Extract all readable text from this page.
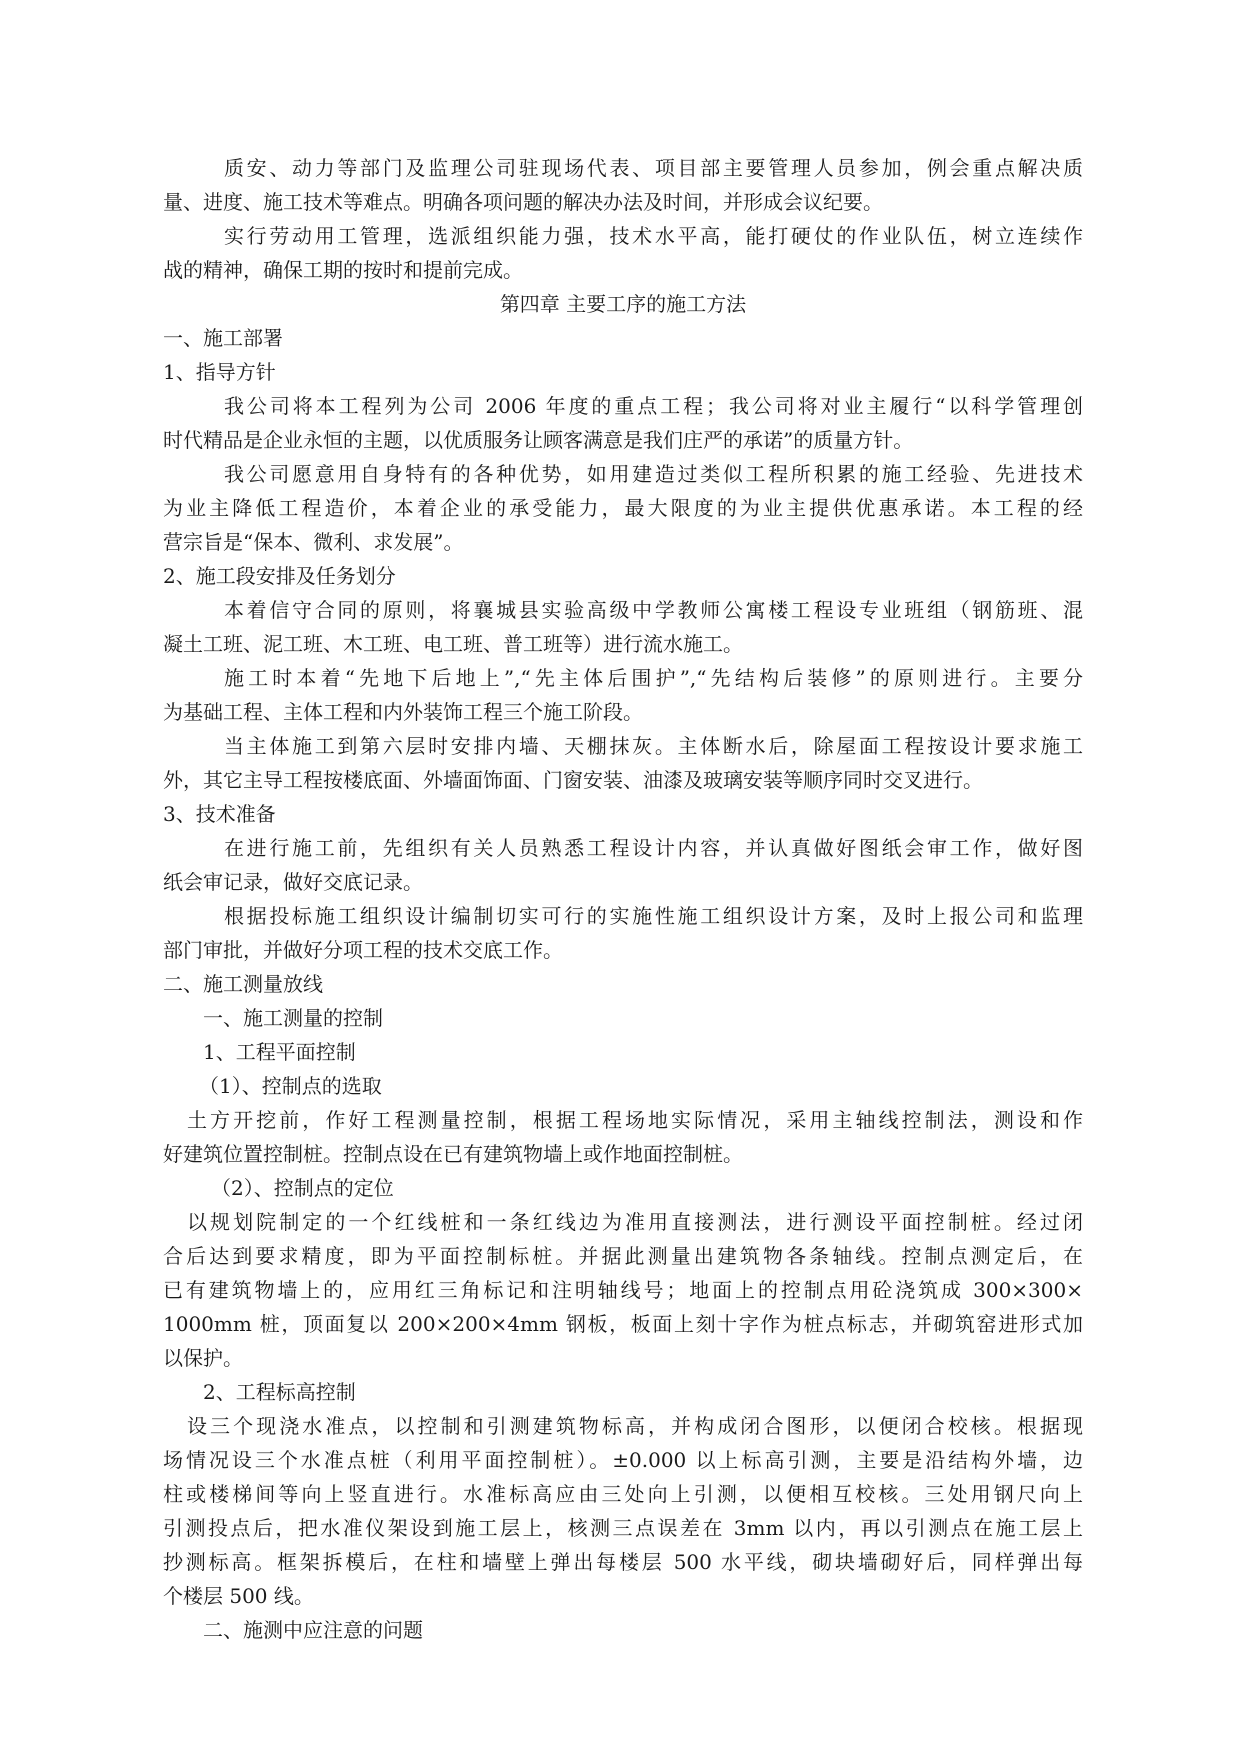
质安、动力等部门及监理公司驻现场代表、项目部主要管理人员参加，例会重点解决质
量、进度、施工技术等难点。明确各项问题的解决办法及时间，并形成会议纪要。
实行劳动用工管理，选派组织能力强，技术水平高，能打硬仗的作业队伍，树立连续作
战的精神，确保工期的按时和提前完成。
第四章 主要工序的施工方法
一、施工部署
1、指导方针
我公司将本工程列为公司 2006 年度的重点工程；我公司将对业主履行“以科学管理创
时代精品是企业永恒的主题，以优质服务让顾客满意是我们庄严的承诺”的质量方针。
我公司愿意用自身特有的各种优势，如用建造过类似工程所积累的施工经验、先进技术
为业主降低工程造价，本着企业的承受能力，最大限度的为业主提供优惠承诺。本工程的经
营宗旨是“保本、微利、求发展”。
2、施工段安排及任务划分
本着信守合同的原则，将襄城县实验高级中学教师公寓楼工程设专业班组（钢筋班、混
凝土工班、泥工班、木工班、电工班、普工班等）进行流水施工。
施工时本着“先地下后地上”,“先主体后围护”,“先结构后装修”的原则进行。主要分
为基础工程、主体工程和内外装饰工程三个施工阶段。
当主体施工到第六层时安排内墙、天棚抹灰。主体断水后，除屋面工程按设计要求施工
外，其它主导工程按楼底面、外墙面饰面、门窗安装、油漆及玻璃安装等顺序同时交叉进行。
3、技术准备
在进行施工前，先组织有关人员熟悉工程设计内容，并认真做好图纸会审工作，做好图
纸会审记录，做好交底记录。
根据投标施工组织设计编制切实可行的实施性施工组织设计方案，及时上报公司和监理
部门审批，并做好分项工程的技术交底工作。
二、施工测量放线
一、施工测量的控制
1、工程平面控制
（1）、控制点的选取
土方开挖前，作好工程测量控制，根据工程场地实际情况，采用主轴线控制法，测设和作
好建筑位置控制桩。控制点设在已有建筑物墙上或作地面控制桩。
（2）、控制点的定位
以规划院制定的一个红线桩和一条红线边为准用直接测法，进行测设平面控制桩。经过闭
合后达到要求精度，即为平面控制标桩。并据此测量出建筑物各条轴线。控制点测定后，在
已有建筑物墙上的，应用红三角标记和注明轴线号；地面上的控制点用砼浇筑成 300×300×
1000mm 桩，顶面复以 200×200×4mm 钢板，板面上刻十字作为桩点标志，并砌筑窑进形式加
以保护。
2、工程标高控制
设三个现浇水准点，以控制和引测建筑物标高，并构成闭合图形，以便闭合校核。根据现
场情况设三个水准点桩（利用平面控制桩）。±0.000 以上标高引测，主要是沿结构外墙，边
柱或楼梯间等向上竖直进行。水准标高应由三处向上引测，以便相互校核。三处用钢尺向上
引测投点后，把水准仪架设到施工层上，核测三点误差在 3mm 以内，再以引测点在施工层上
抄测标高。框架拆模后，在柱和墙壁上弹出每楼层 500 水平线，砌块墙砌好后，同样弹出每
个楼层 500 线。
二、施测中应注意的问题
